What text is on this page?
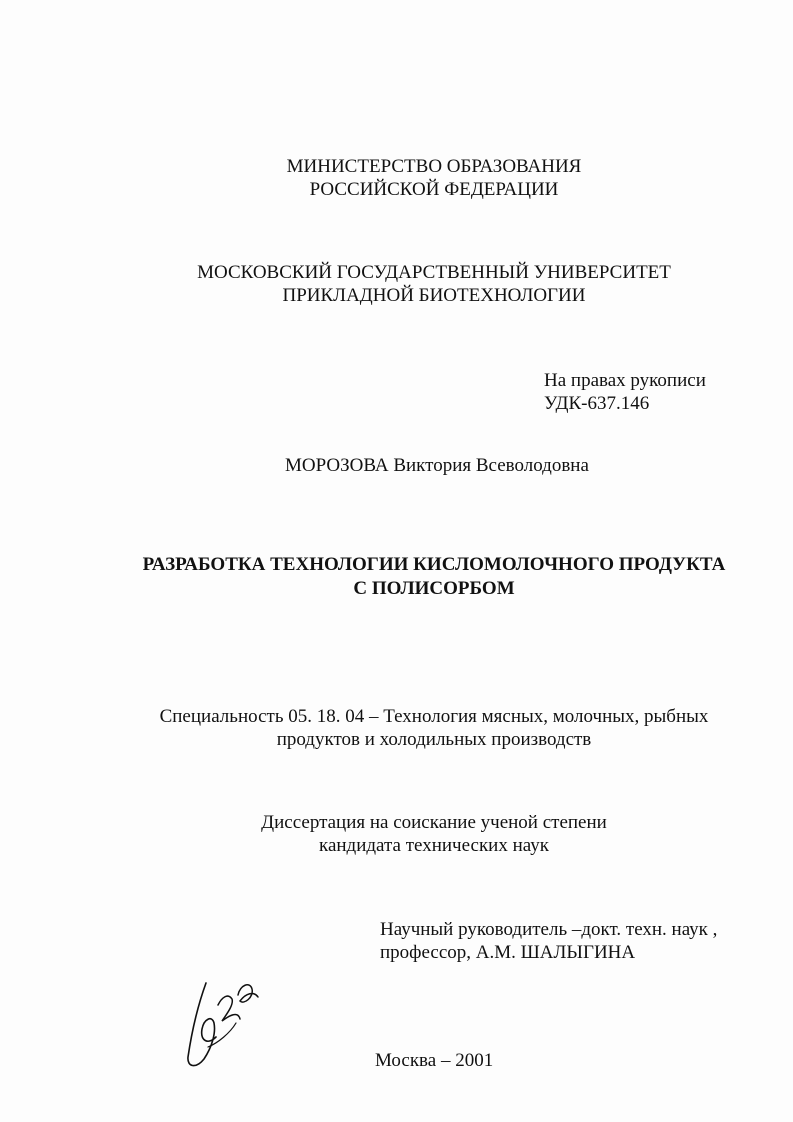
МИНИСТЕРСТВО ОБРАЗОВАНИЯ
РОССИЙСКОЙ ФЕДЕРАЦИИ
МОСКОВСКИЙ ГОСУДАРСТВЕННЫЙ УНИВЕРСИТЕТ
ПРИКЛАДНОЙ БИОТЕХНОЛОГИИ
На правах рукописи
УДК-637.146
МОРОЗОВА Виктория Всеволодовна
РАЗРАБОТКА ТЕХНОЛОГИИ КИСЛОМОЛОЧНОГО ПРОДУКТА
С ПОЛИСОРБОМ
Специальность 05. 18. 04 – Технология мясных, молочных, рыбных
продуктов и холодильных производств
Диссертация на соискание ученой степени
кандидата технических наук
Научный руководитель –докт. техн. наук ,
профессор, А.М. ШАЛЫГИНА
Москва – 2001
